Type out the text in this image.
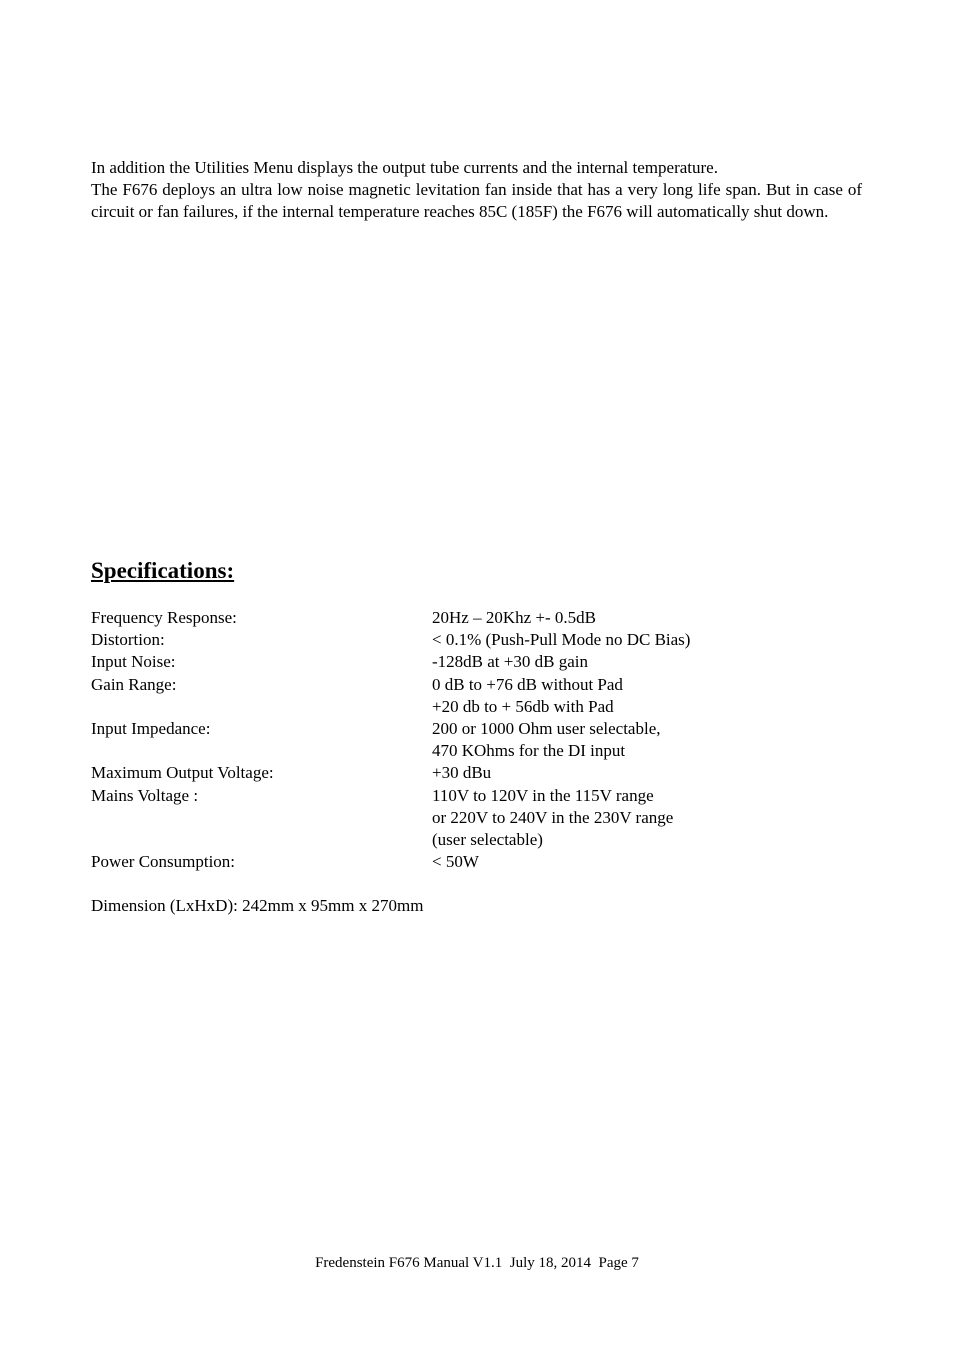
In addition the Utilities Menu displays the output tube currents and the internal temperature.

The F676 deploys an ultra low noise magnetic levitation fan inside that has a very long life span. But in case of circuit or fan failures, if the internal temperature reaches 85C (185F) the F676 will automatically shut down.

Specifications:
Frequency Response:	20Hz – 20Khz +- 0.5dB
Distortion:	< 0.1% (Push-Pull Mode no DC Bias)
Input Noise:	-128dB at +30 dB gain
Gain Range:	0 dB to +76 dB without Pad
+20 db to + 56db with Pad
Input Impedance:	200 or 1000 Ohm user selectable,
470 KOhms for the DI input
Maximum Output Voltage:	+30 dBu
Mains Voltage :	110V to 120V in the 115V range
or 220V to 240V in the 230V range
(user selectable)
Power Consumption:	< 50W

Dimension (LxHxD): 242mm x 95mm x 270mm

Fredenstein F676 Manual V1.1  July 18, 2014  Page 7
